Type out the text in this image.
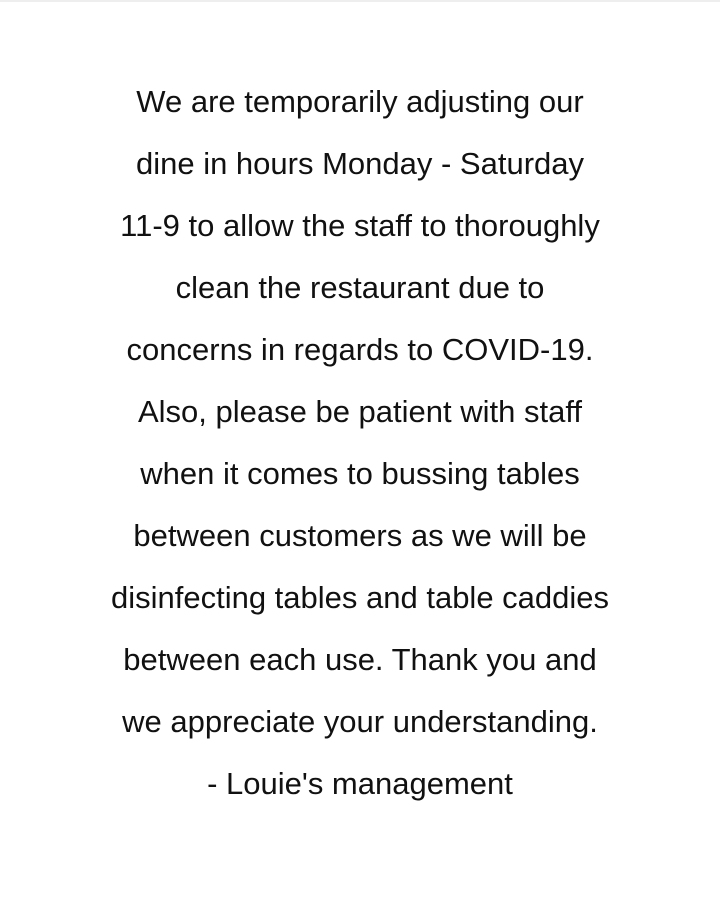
We are temporarily adjusting our
dine in hours Monday - Saturday
11-9 to allow the staff to thoroughly
clean the restaurant due to
concerns in regards to COVID-19.
Also, please be patient with staff
when it comes to bussing tables
between customers as we will be
disinfecting tables and table caddies
between each use. Thank you and
we appreciate your understanding.
- Louie's management
